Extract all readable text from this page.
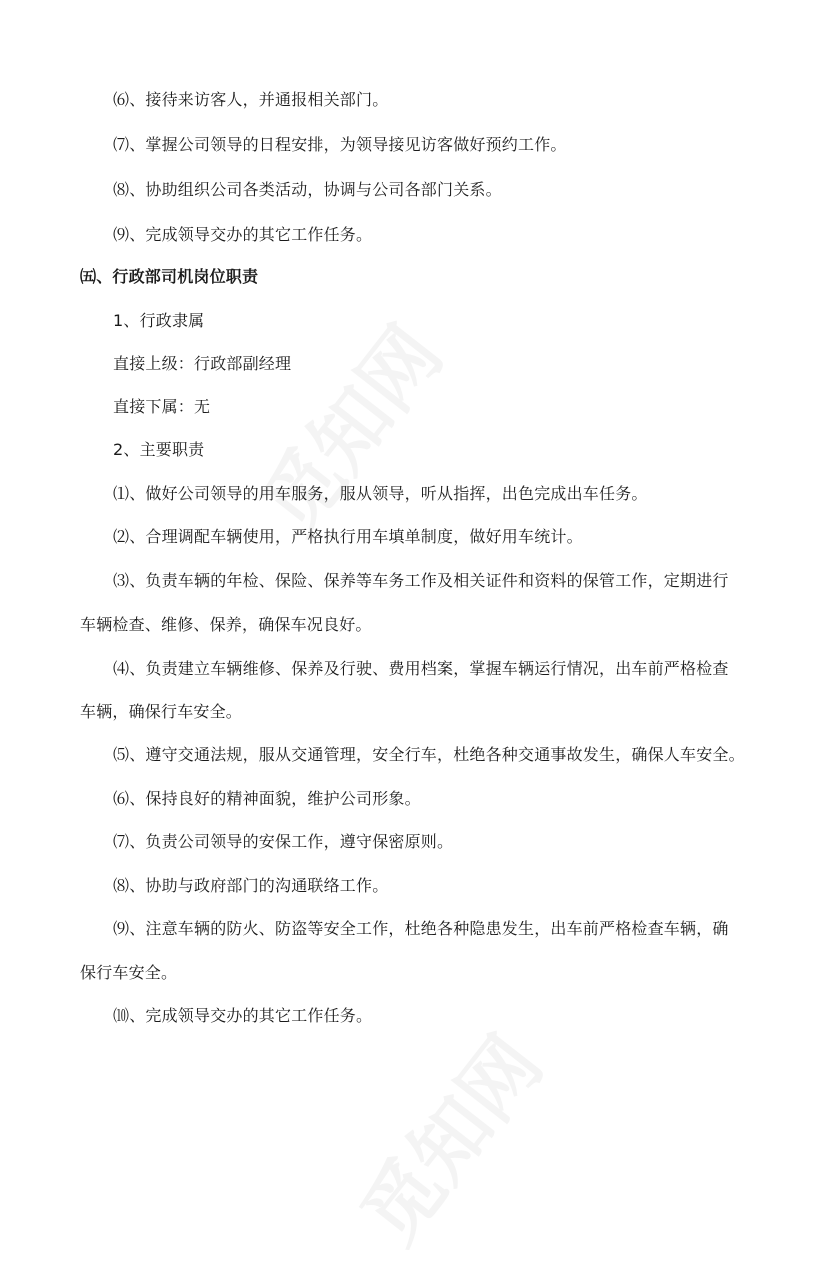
⑹、接待来访客人，并通报相关部门。
⑺、掌握公司领导的日程安排，为领导接见访客做好预约工作。
⑻、协助组织公司各类活动，协调与公司各部门关系。
⑼、完成领导交办的其它工作任务。
㈤、行政部司机岗位职责
1、行政隶属
直接上级：行政部副经理
直接下属：无
2、主要职责
⑴、做好公司领导的用车服务，服从领导，听从指挥，出色完成出车任务。
⑵、合理调配车辆使用，严格执行用车填单制度，做好用车统计。
⑶、负责车辆的年检、保险、保养等车务工作及相关证件和资料的保管工作，定期进行
车辆检查、维修、保养，确保车况良好。
⑷、负责建立车辆维修、保养及行驶、费用档案，掌握车辆运行情况，出车前严格检查
车辆，确保行车安全。
⑸、遵守交通法规，服从交通管理，安全行车，杜绝各种交通事故发生，确保人车安全。
⑹、保持良好的精神面貌，维护公司形象。
⑺、负责公司领导的安保工作，遵守保密原则。
⑻、协助与政府部门的沟通联络工作。
⑼、注意车辆的防火、防盗等安全工作，杜绝各种隐患发生，出车前严格检查车辆，确
保行车安全。
⑽、完成领导交办的其它工作任务。
